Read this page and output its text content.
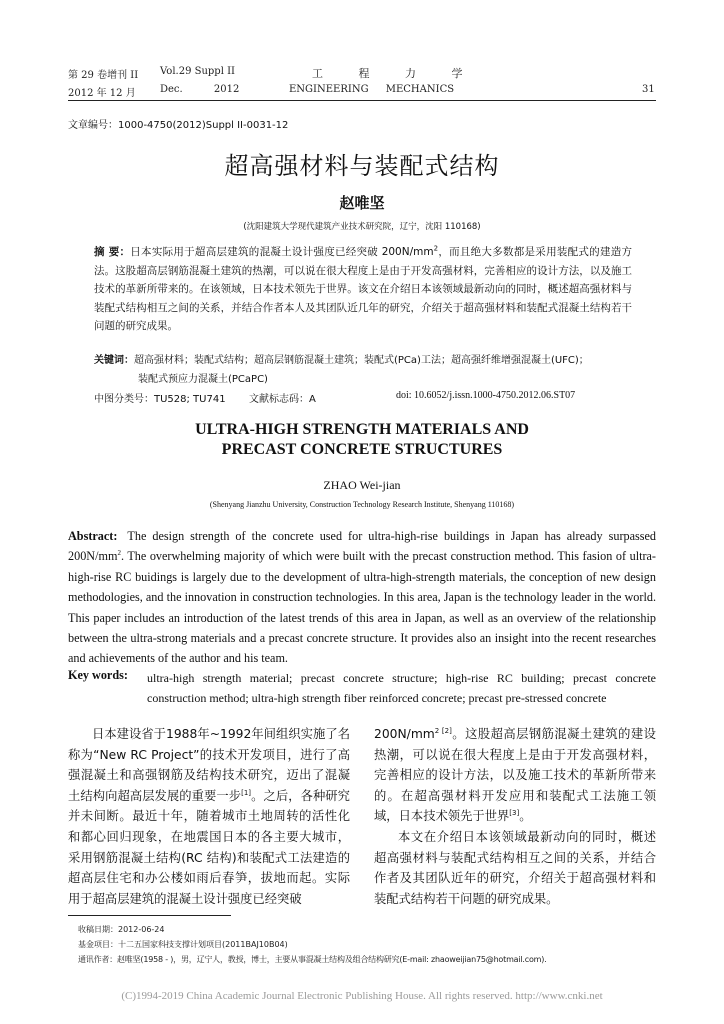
第 29 卷增刊 II Vol.29 Suppl II	工 程 力 学
2012 年 12 月 Dec. 2012	ENGINEERING MECHANICS	31
文章编号：1000-4750(2012)Suppl II-0031-12
超高强材料与装配式结构
赵唯坚
(沈阳建筑大学现代建筑产业技术研究院，辽宁，沈阳 110168)
摘 要：日本实际用于超高层建筑的混凝土设计强度已经突破 $200N/mm^2$，而且绝大多数都是采用装配式的建造方法。这股超高层钢筋混凝土建筑的热潮，可以说在很大程度上是由于开发高强材料，完善相应的设计方法，以及施工技术的革新所带来的。在该领域，日本技术领先于世界。该文在介绍日本该领域最新动向的同时，概述超高强材料与装配式结构相互之间的关系，并结合作者本人及其团队近几年的研究，介绍关于超高强材料和装配式混凝土结构若干问题的研究成果。
关键词：超高强材料；装配式结构；超高层钢筋混凝土建筑；装配式(PCa)工法；超高强纤维增强混凝土(UFC)；
装配式预应力混凝土(PCaPC)
中图分类号：TU528; TU741 文献标志码：A	doi: 10.6052/j.issn.1000-4750.2012.06.ST07
ULTRA-HIGH STRENGTH MATERIALS AND
PRECAST CONCRETE STRUCTURES
ZHAO Wei-jian
(Shenyang Jianzhu University, Construction Technology Research Institute, Shenyang 110168)
Abstract: The design strength of the concrete used for ultra-high-rise buildings in Japan has already surpassed $200N/mm^2$. The overwhelming majority of which were built with the precast construction method. This fasion of ultra-high-rise RC buidings is largely due to the development of ultra-high-strength materials, the conception of new design methodologies, and the innovation in construction technologies. In this area, Japan is the technology leader in the world. This paper includes an introduction of the latest trends of this area in Japan, as well as an overview of the relationship between the ultra-strong materials and a precast concrete structure. It provides also an insight into the recent researches and achievements of the author and his team.
Key words: ultra-high strength material; precast concrete structure; high-rise RC building; precast concrete
construction method; ultra-high strength fiber reinforced concrete; precast pre-stressed concrete
日本建设省于1988年~1992年间组织实施了名称为“New RC Project”的技术开发项目，进行了高强混凝土和高强钢筋及结构技术研究，迈出了混凝土结构向超高层发展的重要一步[1]。之后，各种研究并未间断。最近十年，随着城市土地周转的活性化和都心回归现象，在地震国日本的各主要大城市，采用钢筋混凝土结构(RC 结构)和装配式工法建造的超高层住宅和办公楼如雨后春笋，拔地而起。实际用于超高层建筑的混凝土设计强度已经突破
$200N/mm^{2 [2]}$。这股超高层钢筋混凝土建筑的建设热潮，可以说在很大程度上是由于开发高强材料，完善相应的设计方法，以及施工技术的革新所带来的。在超高强材料开发应用和装配式工法施工领域，日本技术领先于世界[3]。
本文在介绍日本该领域最新动向的同时，概述超高强材料与装配式结构相互之间的关系，并结合作者及其团队近年的研究，介绍关于超高强材料和装配式结构若干问题的研究成果。
收稿日期：2012-06-24
基金项目：十二五国家科技支撑计划项目(2011BAJ10B04)
通讯作者：赵唯坚(1958 - )，男，辽宁人，教授，博士，主要从事混凝土结构及组合结构研究(E-mail: zhaoweijian75@hotmail.com).
(C)1994-2019 China Academic Journal Electronic Publishing House. All rights reserved. http://www.cnki.net
